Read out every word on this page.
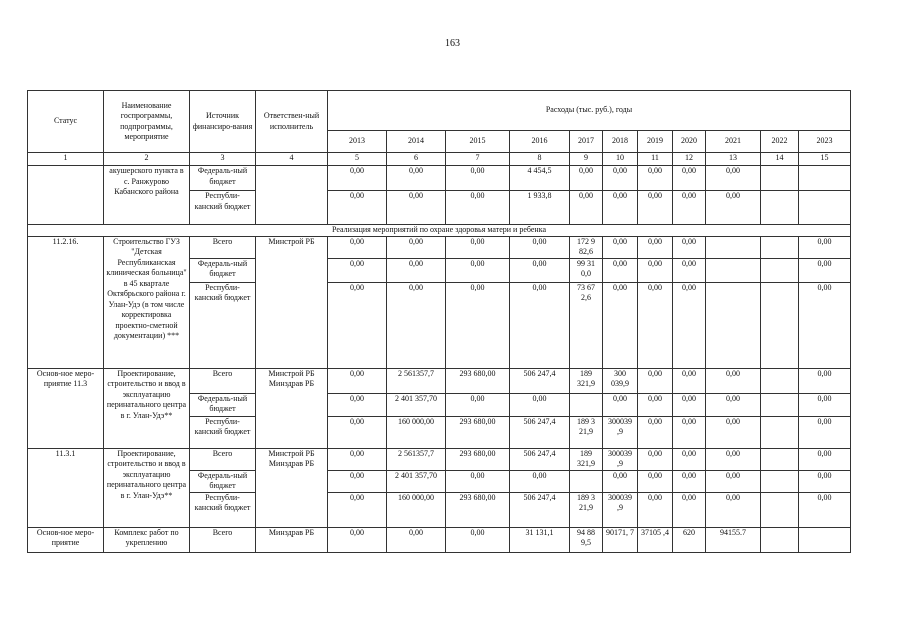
163
Статус	Наименование госпрограммы, подпрограммы, мероприятие	Источник финансиро-вания	Ответствен-ный исполнитель	Расходы (тыс. руб.), годы										
				2013	2014	2015	2016	2017	2018	2019	2020	2021	2022	2023
1	2	3	4	5	6	7	8	9	10	11	12	13	14	15
	акушерского пункта в с. Ранжурово Кабанского района	Федераль-ный бюджет		0,00	0,00	0,00	4 454,5	0,00	0,00	0,00	0,00	0,00		
		Республи-канский бюджет		0,00	0,00	0,00	1 933,8	0,00	0,00	0,00	0,00	0,00		
Реализация мероприятий по охране здоровья матери и ребенка														
11.2.16.	Строительство ГУЗ "Детская Республиканская клиническая больница" в 45 квартале Октябрьского района г. Улан-Удэ (в том числе корректировка проектно-сметной документации) ***	Всего	Минстрой РБ	0,00	0,00	0,00	0,00	172 9 82,6	0,00	0,00	0,00			0,00
		Федераль-ный бюджет		0,00	0,00	0,00	0,00	99 31 0,0	0,00	0,00	0,00			0,00
		Республи-канский бюджет		0,00	0,00	0,00	0,00	73 67 2,6	0,00	0,00	0,00			0,00
Основ-ное меро-приятие 11.3	Проектирование, строительство и ввод в эксплуатацию перинатального центра в г. Улан-Удэ**	Всего	Минстрой РБ Минздрав РБ	0,00	2 561357,7	293 680,00	506 247,4	189 321,9	300 039,9	0,00	0,00	0,00		0,00
		Федераль-ный бюджет		0,00	2 401 357,70	0,00	0,00		0,00	0,00	0,00	0,00		0,00
		Республи-канский бюджет		0,00	160 000,00	293 680,00	506 247,4	189 3 21,9	300039 ,9	0,00	0,00	0,00		0,00
11.3.1	Проектирование, строительство и ввод в эксплуатацию перинатального центра в г. Улан-Удэ**	Всего	Минстрой РБ Минздрав РБ	0,00	2 561357,7	293 680,00	506 247,4	189 321,9	300039 ,9	0,00	0,00	0,00		0,00
		Федераль-ный бюджет		0,00	2 401 357,70	0,00	0,00		0,00	0,00	0,00	0,00		0,00
		Республи-канский бюджет		0,00	160 000,00	293 680,00	506 247,4	189 3 21,9	300039 ,9	0,00	0,00	0,00		0,00
Основ-ное меро-приятие	Комплекс работ по укреплению	Всего	Минздрав РБ	0,00	0,00	0,00	31 131,1	94 88 9,5	90171, 7	37105 ,4	620	94155.7		
